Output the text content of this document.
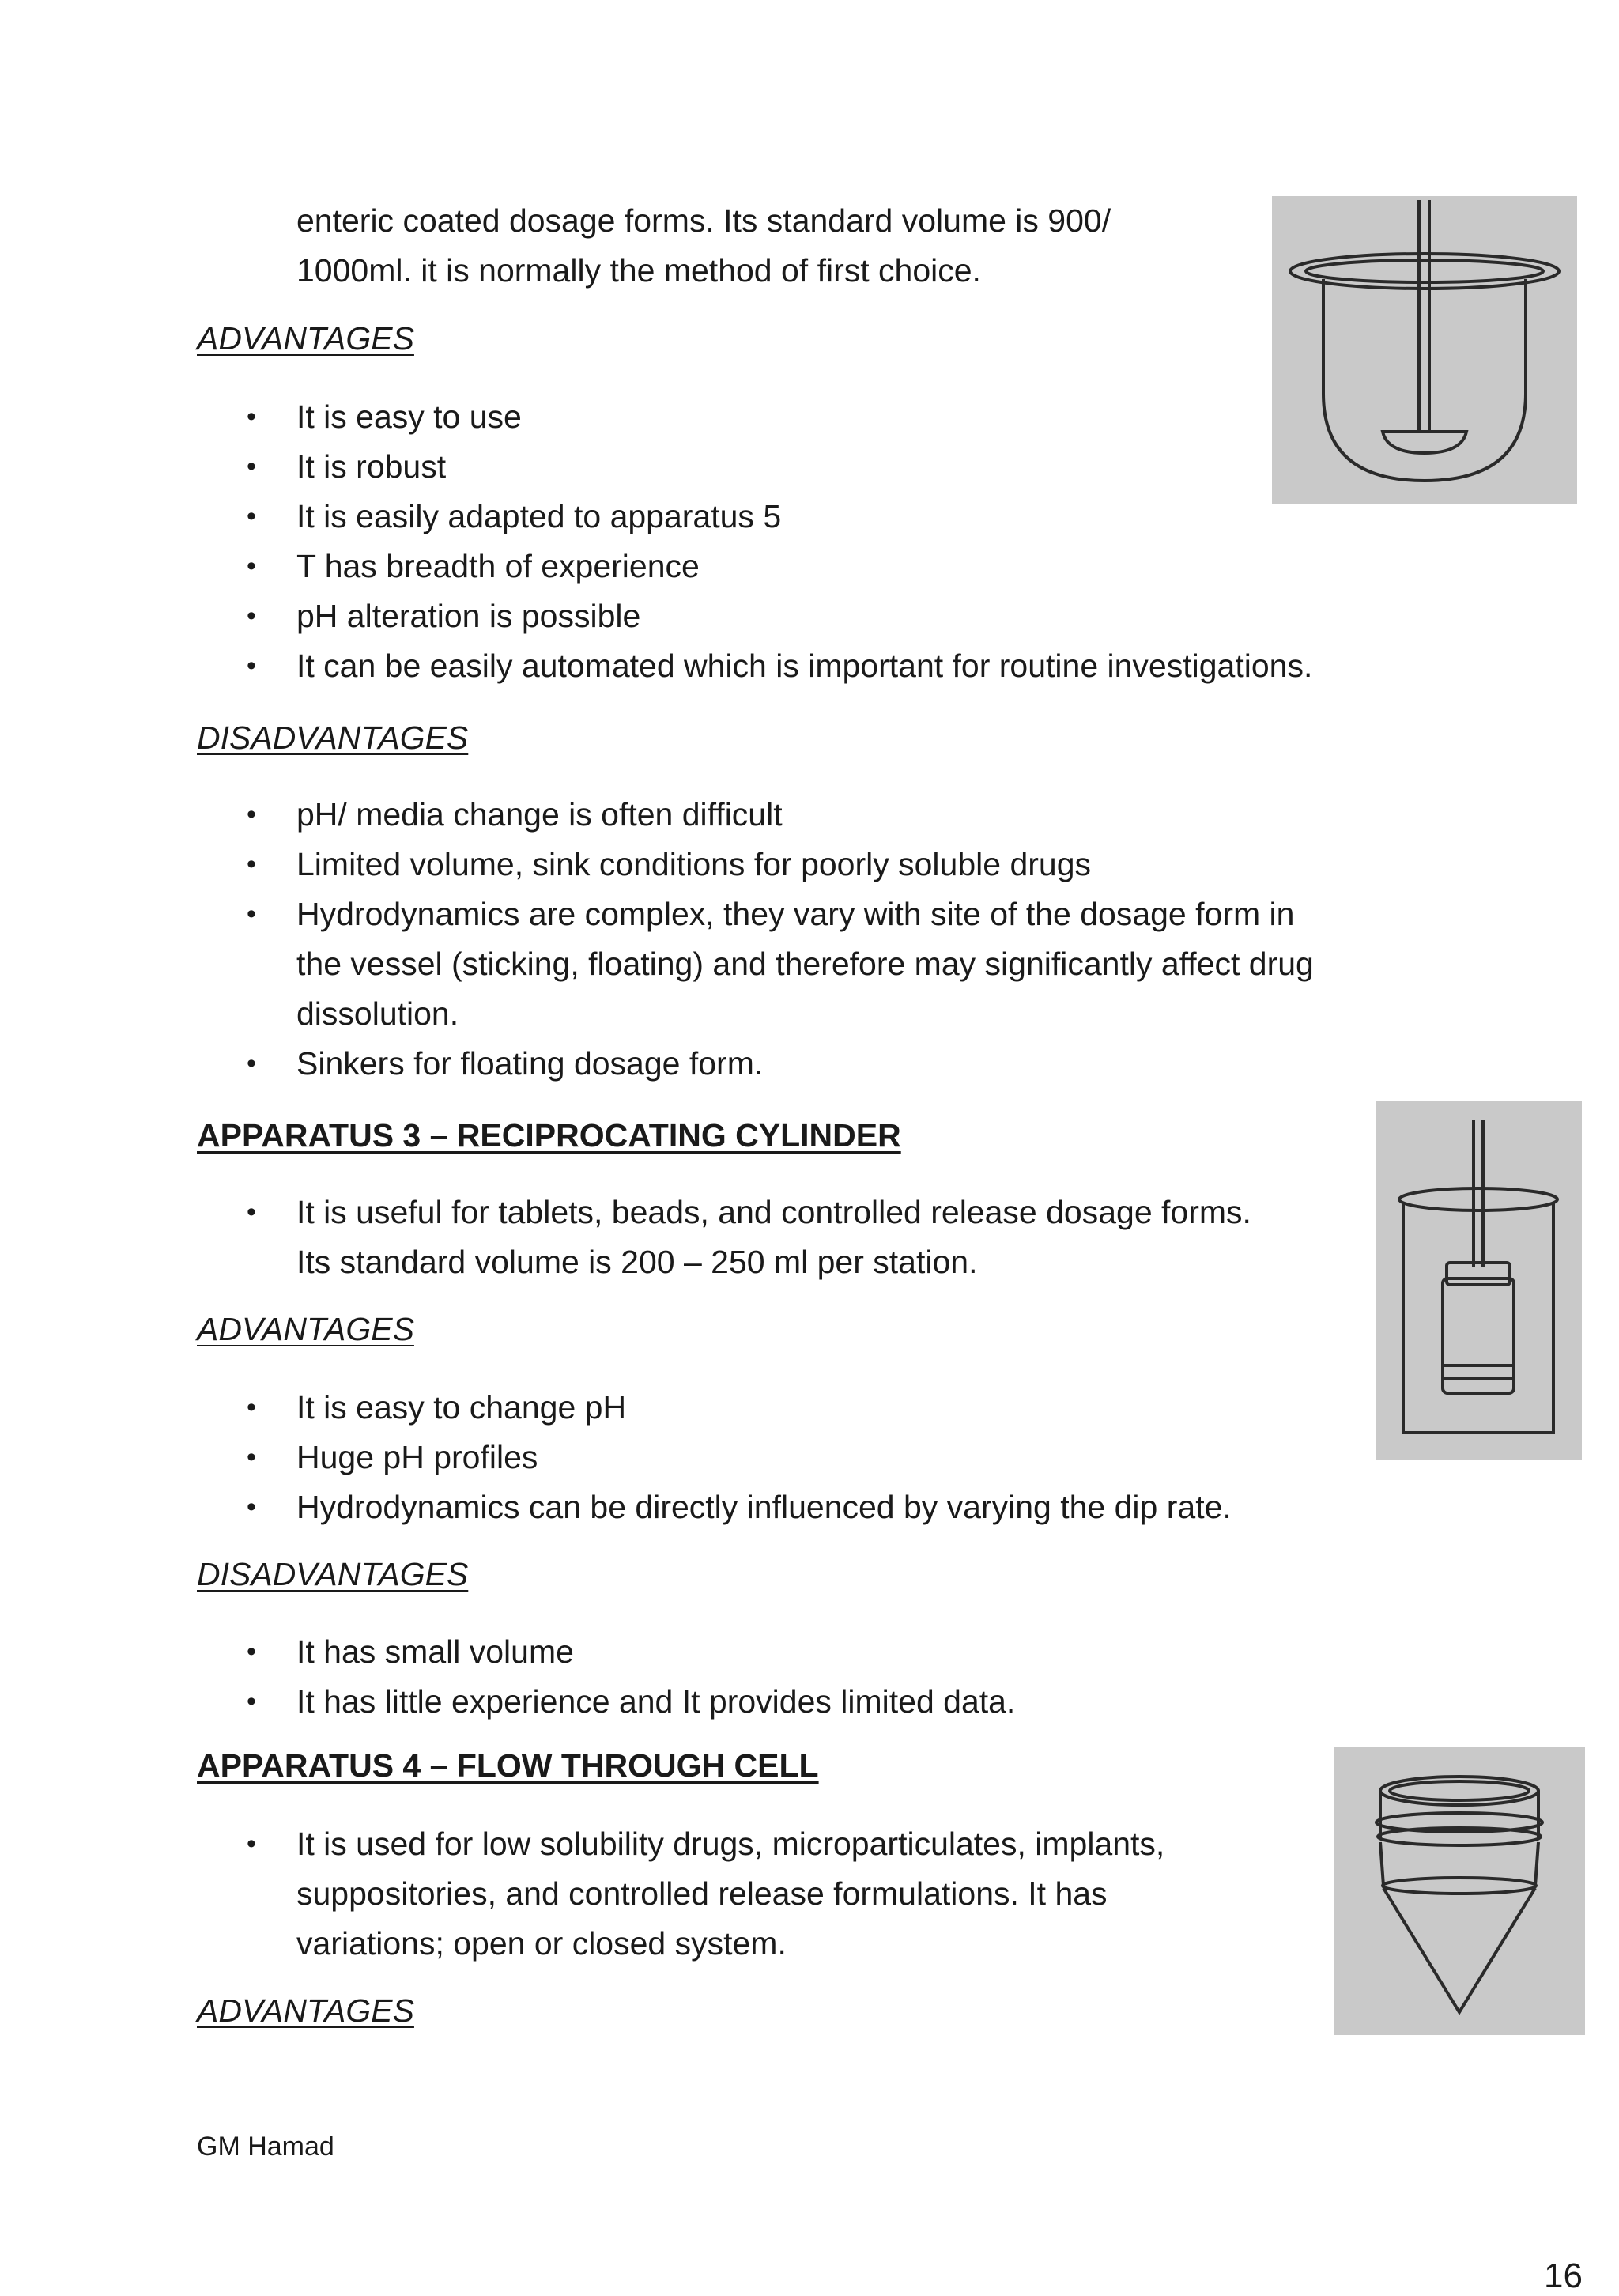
enteric coated dosage forms. Its standard volume is 900/
1000ml. it is normally the method of first choice.
ADVANTAGES
• It is easy to use
• It is robust
• It is easily adapted to apparatus 5
• T has breadth of experience
• pH alteration is possible
• It can be easily automated which is important for routine investigations.
DISADVANTAGES
• pH/ media change is often difficult
• Limited volume, sink conditions for poorly soluble drugs
• Hydrodynamics are complex, they vary with site of the dosage form in
the vessel (sticking, floating) and therefore may significantly affect drug
dissolution.
• Sinkers for floating dosage form.
APPARATUS 3 – RECIPROCATING CYLINDER
• It is useful for tablets, beads, and controlled release dosage forms.
Its standard volume is 200 – 250 ml per station.
ADVANTAGES
• It is easy to change pH
• Huge pH profiles
• Hydrodynamics can be directly influenced by varying the dip rate.
DISADVANTAGES
• It has small volume
• It has little experience and It provides limited data.
APPARATUS 4 – FLOW THROUGH CELL
• It is used for low solubility drugs, microparticulates, implants,
suppositories, and controlled release formulations. It has
variations; open or closed system.
ADVANTAGES
GM Hamad
16
